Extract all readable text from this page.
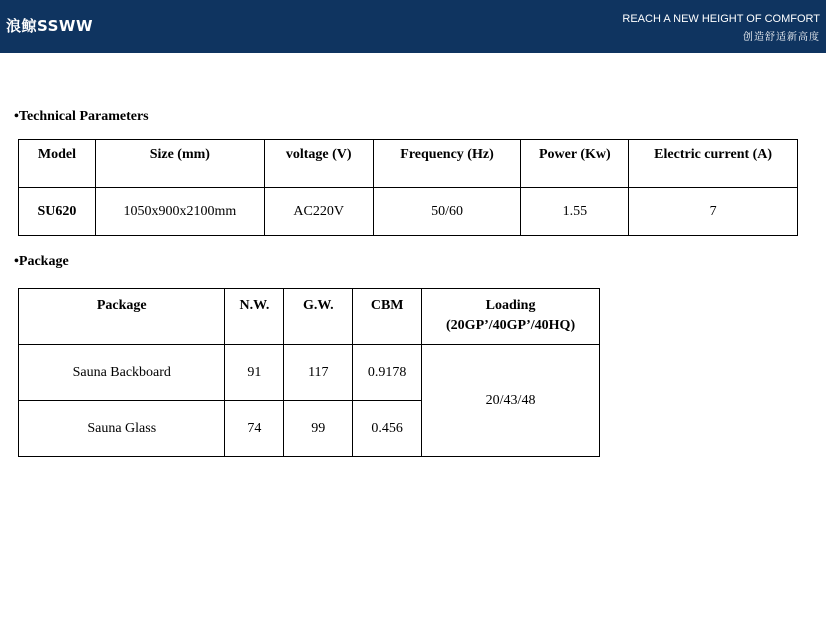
浪鲸SSWW	REACH A NEW HEIGHT OF COMFORT
创造舒适新高度
•Technical Parameters
Model	Size (mm)	voltage (V)	Frequency (Hz)	Power (Kw)	Electric current (A)
SU620	1050x900x2100mm	AC220V	50/60	1.55	7
•Package
Package	N.W.	G.W.	CBM	Loading
(20GP’/40GP’/40HQ)

Sauna Backboard	91	117	0.9178	20/43/48
Sauna Glass	74	99	0.456	
